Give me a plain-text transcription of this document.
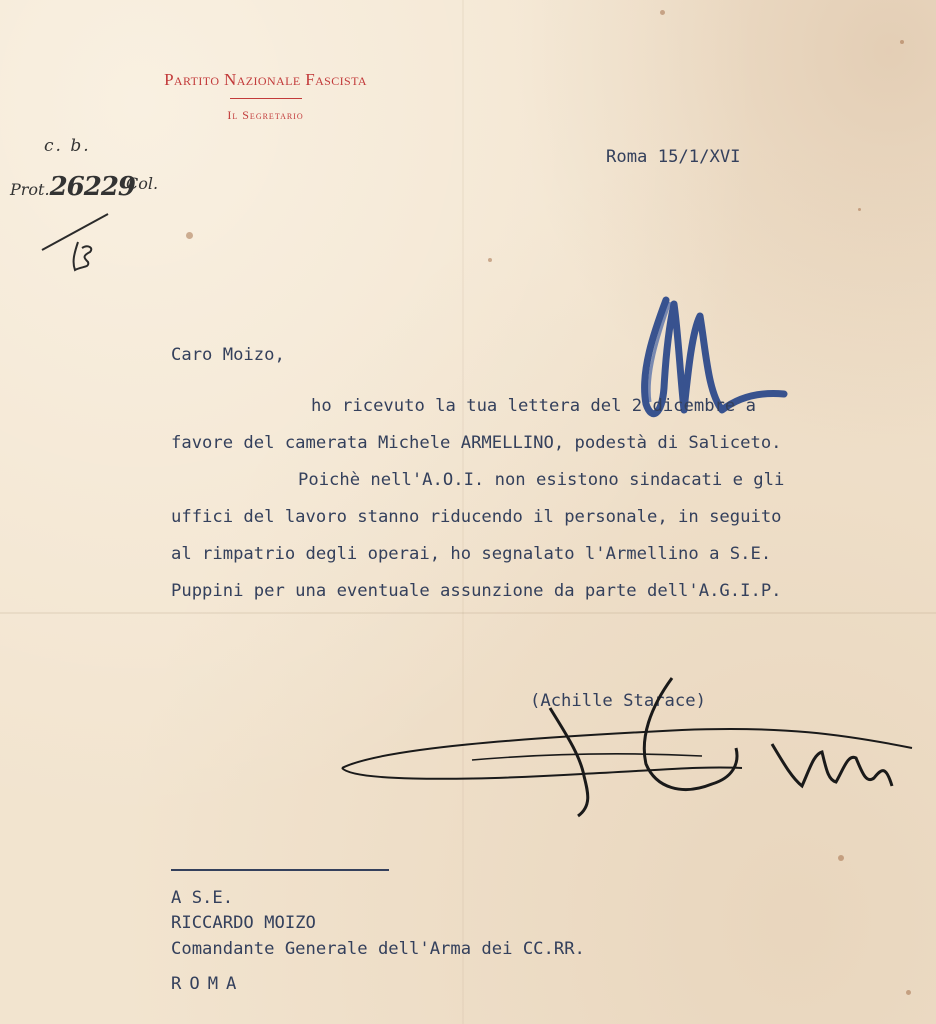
Partito Nazionale Fascista
Il Segretario
c. b.
Prot.26229
Col.
Roma 15/1/XVI
Caro Moizo,
ho ricevuto la tua lettera del 2 dicembre a
favore del camerata Michele ARMELLINO, podestà di Saliceto.
Poichè nell'A.O.I. non esistono sindacati e gli
uffici del lavoro stanno riducendo il personale, in seguito
al rimpatrio degli operai, ho segnalato l'Armellino a S.E.
Puppini per una eventuale assunzione da parte dell'A.G.I.P.
(Achille Starace)
A S.E.
RICCARDO MOIZO
Comandante Generale dell'Arma dei CC.RR.
ROMA
